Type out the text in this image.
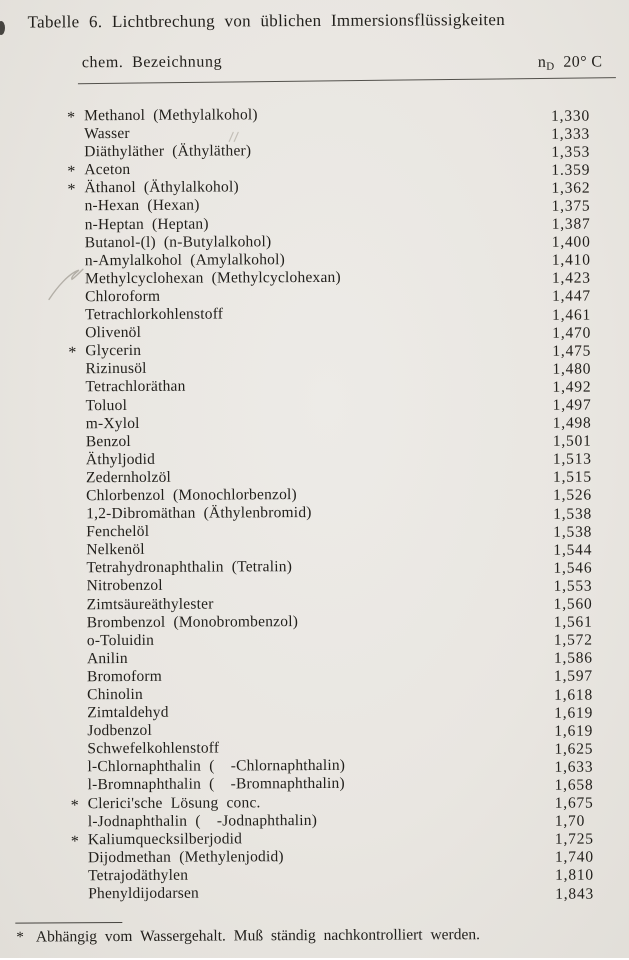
Tabelle 6. Lichtbrechung von üblichen Immersionsflüssigkeiten
chem. Bezeichnung	$n_D$  20° C
* Methanol (Methylalkohol)	1,330
Wasser	1,333
Diäthyläther (Äthyläther)	1,353
* Aceton	1.359
* Äthanol (Äthylalkohol)	1,362
n-Hexan (Hexan)	1,375
n-Heptan (Heptan)	1,387
Butanol-(l) (n-Butylalkohol)	1,400
n-Amylalkohol (Amylalkohol)	1,410
Methylcyclohexan (Methylcyclohexan)	1,423
Chloroform	1,447
Tetrachlorkohlenstoff	1,461
Olivenöl	1,470
* Glycerin	1,475
Rizinusöl	1,480
Tetrachloräthan	1,492
Toluol	1,497
m-Xylol	1,498
Benzol	1,501
Äthyljodid	1,513
Zedernholzöl	1,515
Chlorbenzol (Monochlorbenzol)	1,526
1,2-Dibromäthan (Äthylenbromid)	1,538
Fenchelöl	1,538
Nelkenöl	1,544
Tetrahydronaphthalin (Tetralin)	1,546
Nitrobenzol	1,553
Zimtsäureäthylester	1,560
Brombenzol (Monobrombenzol)	1,561
o-Toluidin	1,572
Anilin	1,586
Bromoform	1,597
Chinolin	1,618
Zimtaldehyd	1,619
Jodbenzol	1,619
Schwefelkohlenstoff	1,625
l-Chlornaphthalin (  -Chlornaphthalin)	1,633
l-Bromnaphthalin (  -Bromnaphthalin)	1,658
* Clerici'sche Lösung conc.	1,675
l-Jodnaphthalin (  -Jodnaphthalin)	1,70
* Kaliumquecksilberjodid	1,725
Dijodmethan (Methylenjodid)	1,740
Tetrajodäthylen	1,810
Phenyldijodarsen	1,843
* Abhängig vom Wassergehalt. Muß ständig nachkontrolliert werden.
